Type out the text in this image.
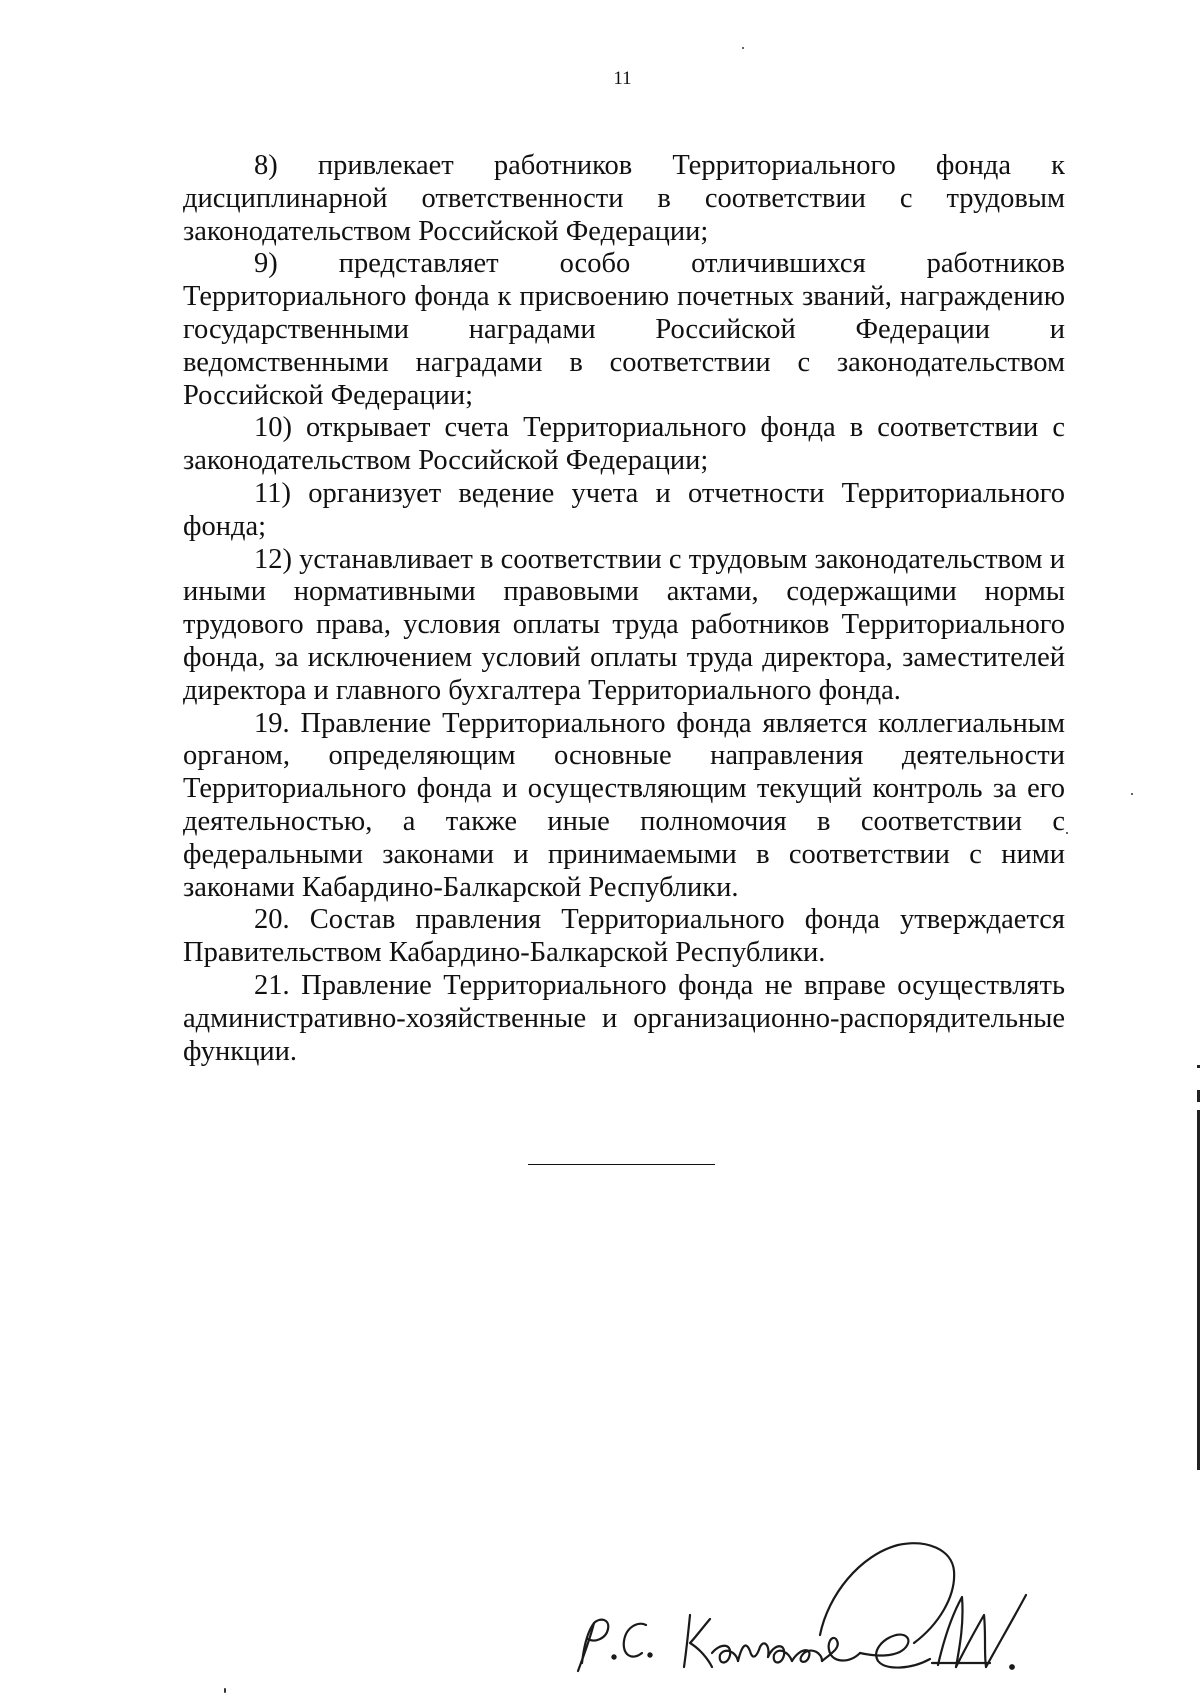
11

8) привлекает работников Территориального фонда к дисциплинарной ответственности в соответствии с трудовым законодательством Российской Федерации;

9) представляет особо отличившихся работников Территориального фонда к присвоению почетных званий, награждению государственными наградами Российской Федерации и ведомственными наградами в соответствии с законодательством Российской Федерации;

10) открывает счета Территориального фонда в соответствии с законодательством Российской Федерации;

11) организует ведение учета и отчетности Территориального фонда;

12) устанавливает в соответствии с трудовым законодательством и иными нормативными правовыми актами, содержащими нормы трудового права, условия оплаты труда работников Территориального фонда, за исключением условий оплаты труда директора, заместителей директора и главного бухгалтера Территориального фонда.

19. Правление Территориального фонда является коллегиальным органом, определяющим основные направления деятельности Территориального фонда и осуществляющим текущий контроль за его деятельностью, а также иные полномочия в соответствии с федеральными законами и принимаемыми в соответствии с ними законами Кабардино-Балкарской Республики.

20. Состав правления Территориального фонда утверждается Правительством Кабардино-Балкарской Республики.

21. Правление Территориального фонда не вправе осуществлять административно-хозяйственные и организационно-распорядительные функции.
